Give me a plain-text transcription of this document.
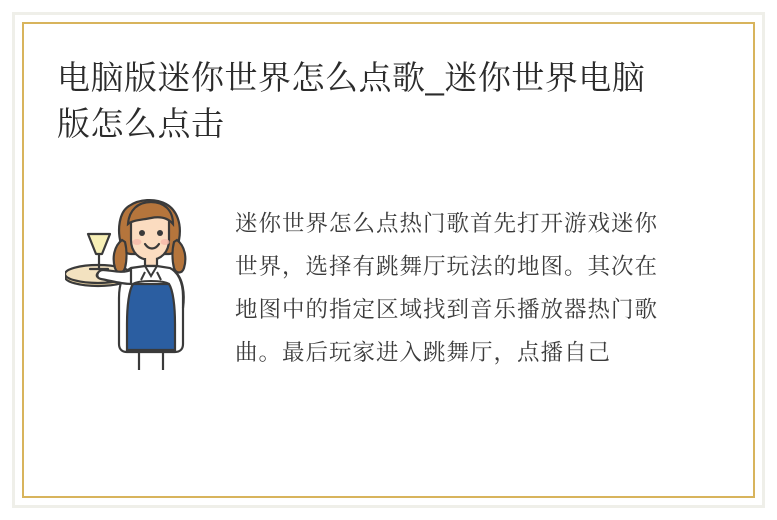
电脑版迷你世界怎么点歌_迷你世界电脑版怎么点击

迷你世界怎么点热门歌首先打开游戏迷你世界，选择有跳舞厅玩法的地图。其次在地图中的指定区域找到音乐播放器热门歌曲。最后玩家进入跳舞厅，点播自己
